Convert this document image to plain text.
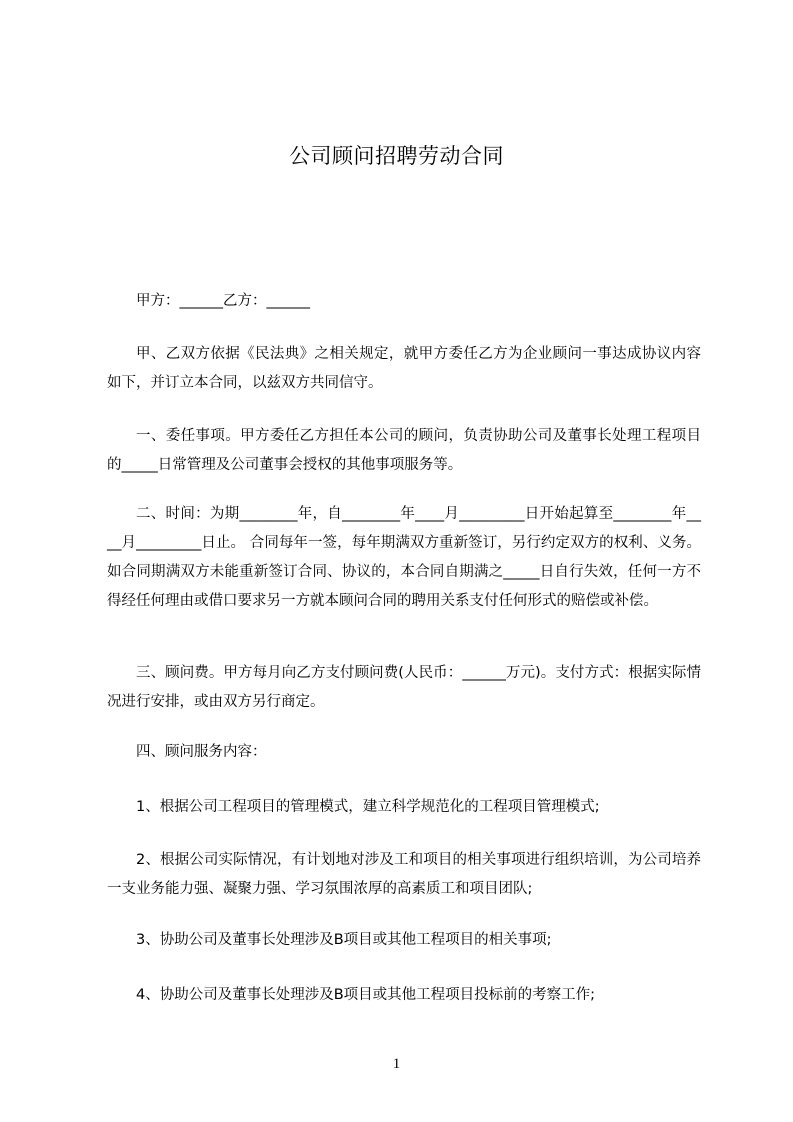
公司顾问招聘劳动合同
甲方：______乙方：______
甲、乙双方依据《民法典》之相关规定，就甲方委任乙方为企业顾问一事达成协议内容如下，并订立本合同，以兹双方共同信守。
一、委任事项。甲方委任乙方担任本公司的顾问，负责协助公司及董事长处理工程项目的_____日常管理及公司董事会授权的其他事项服务等。
二、时间：为期________年，自________年____月_________日开始起算至________年____月_________日止。 合同每年一签，每年期满双方重新签订，另行约定双方的权利、义务。如合同期满双方未能重新签订合同、协议的，本合同自期满之_____日自行失效，任何一方不得经任何理由或借口要求另一方就本顾问合同的聘用关系支付任何形式的赔偿或补偿。
三、顾问费。甲方每月向乙方支付顾问费(人民币：______万元)。支付方式：根据实际情况进行安排，或由双方另行商定。
四、顾问服务内容：
1、根据公司工程项目的管理模式，建立科学规范化的工程项目管理模式;
2、根据公司实际情况，有计划地对涉及工和项目的相关事项进行组织培训，为公司培养一支业务能力强、凝聚力强、学习氛围浓厚的高素质工和项目团队;
3、协助公司及董事长处理涉及B项目或其他工程项目的相关事项;
4、协助公司及董事长处理涉及B项目或其他工程项目投标前的考察工作;
1
